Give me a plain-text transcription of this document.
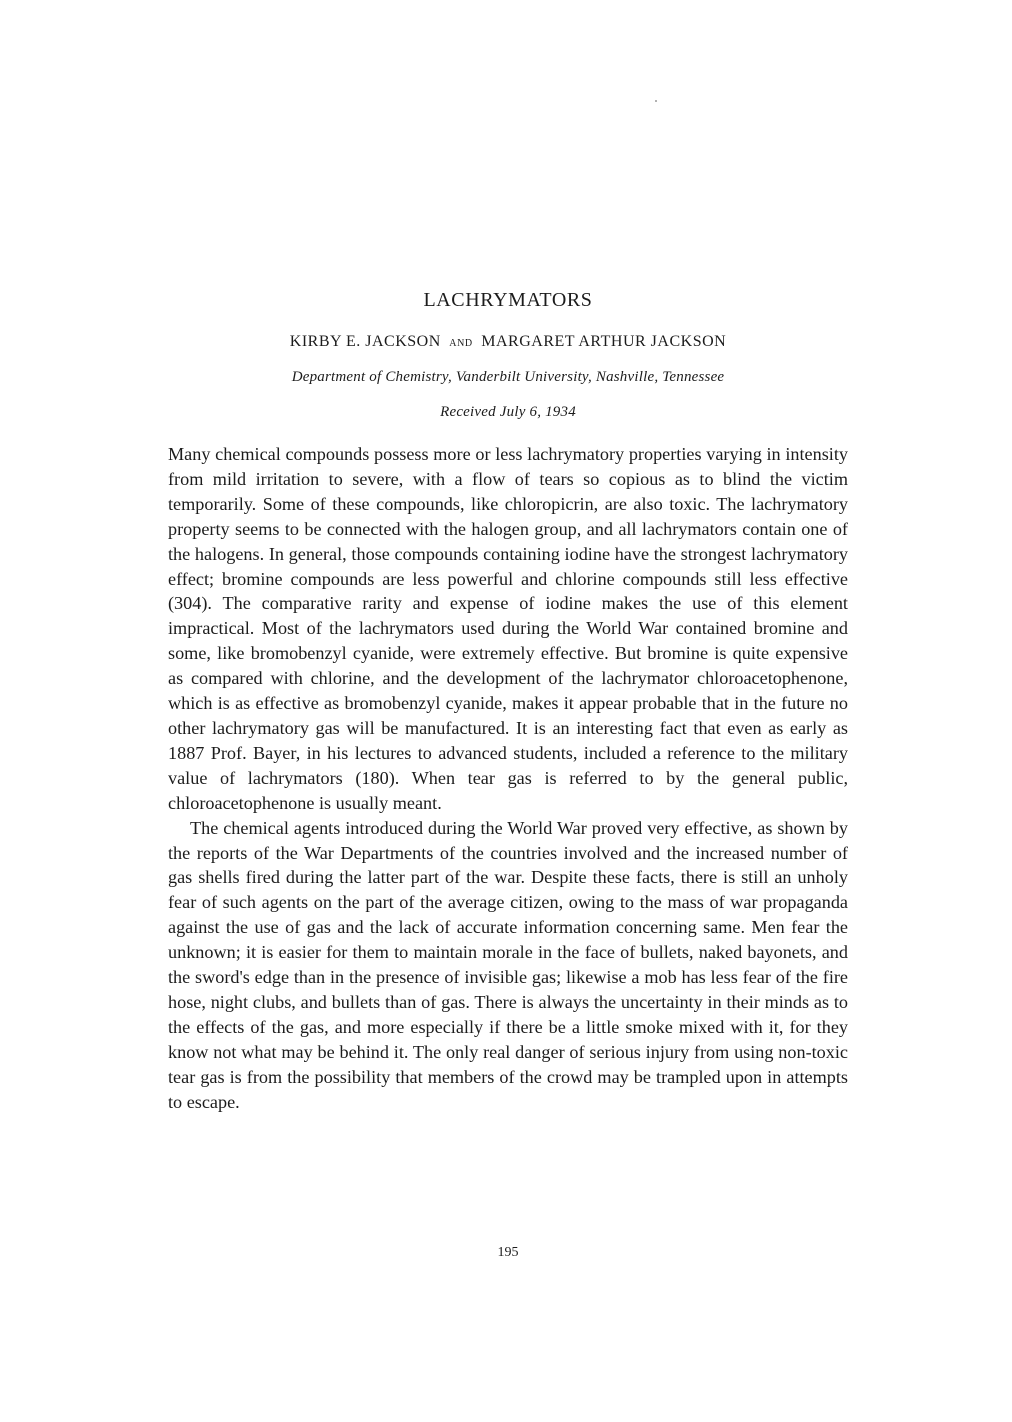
LACHRYMATORS
KIRBY E. JACKSON AND MARGARET ARTHUR JACKSON
Department of Chemistry, Vanderbilt University, Nashville, Tennessee
Received July 6, 1934

Many chemical compounds possess more or less lachrymatory properties varying in intensity from mild irritation to severe, with a flow of tears so copious as to blind the victim temporarily. Some of these compounds, like chloropicrin, are also toxic. The lachrymatory property seems to be connected with the halogen group, and all lachrymators contain one of the halogens. In general, those compounds containing iodine have the strongest lachrymatory effect; bromine compounds are less powerful and chlorine compounds still less effective (304). The comparative rarity and expense of iodine makes the use of this element impractical. Most of the lachrymators used during the World War contained bromine and some, like bromobenzyl cyanide, were extremely effective. But bromine is quite expensive as compared with chlorine, and the development of the lachrymator chloroacetophenone, which is as effective as bromobenzyl cyanide, makes it appear probable that in the future no other lachrymatory gas will be manufactured. It is an interesting fact that even as early as 1887 Prof. Bayer, in his lectures to advanced students, included a reference to the military value of lachrymators (180). When tear gas is referred to by the general public, chloroacetophenone is usually meant.

The chemical agents introduced during the World War proved very effective, as shown by the reports of the War Departments of the countries involved and the increased number of gas shells fired during the latter part of the war. Despite these facts, there is still an unholy fear of such agents on the part of the average citizen, owing to the mass of war propaganda against the use of gas and the lack of accurate information concerning same. Men fear the unknown; it is easier for them to maintain morale in the face of bullets, naked bayonets, and the sword's edge than in the presence of invisible gas; likewise a mob has less fear of the fire hose, night clubs, and bullets than of gas. There is always the uncertainty in their minds as to the effects of the gas, and more especially if there be a little smoke mixed with it, for they know not what may be behind it. The only real danger of serious injury from using non-toxic tear gas is from the possibility that members of the crowd may be trampled upon in attempts to escape.

195
